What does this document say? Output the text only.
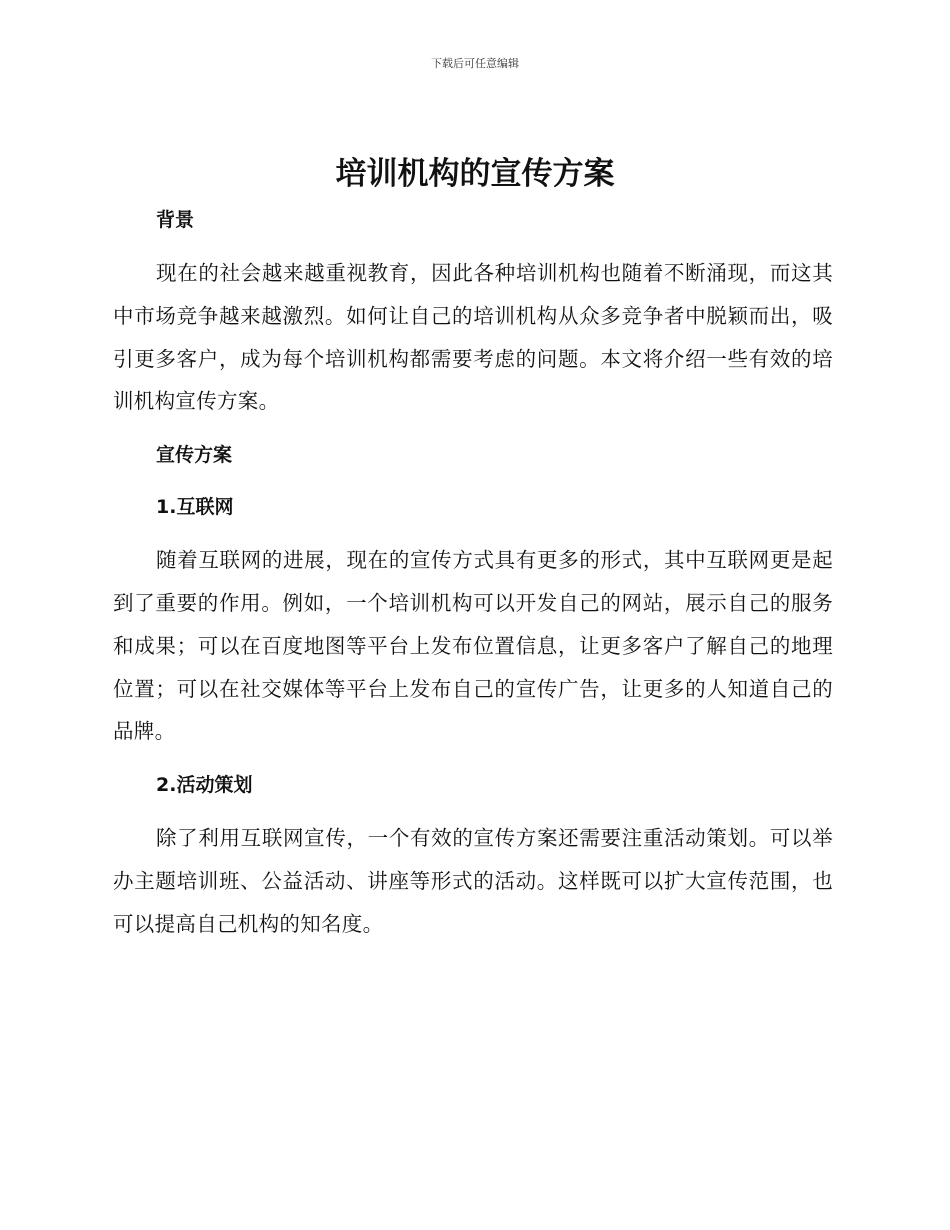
下载后可任意编辑
培训机构的宣传方案
背景

现在的社会越来越重视教育，因此各种培训机构也随着不断涌现，而这其中市场竞争越来越激烈。如何让自己的培训机构从众多竞争者中脱颖而出，吸引更多客户，成为每个培训机构都需要考虑的问题。本文将介绍一些有效的培训机构宣传方案。

宣传方案
1.互联网

随着互联网的进展，现在的宣传方式具有更多的形式，其中互联网更是起到了重要的作用。例如，一个培训机构可以开发自己的网站，展示自己的服务和成果；可以在百度地图等平台上发布位置信息，让更多客户了解自己的地理位置；可以在社交媒体等平台上发布自己的宣传广告，让更多的人知道自己的品牌。

2.活动策划

除了利用互联网宣传，一个有效的宣传方案还需要注重活动策划。可以举办主题培训班、公益活动、讲座等形式的活动。这样既可以扩大宣传范围，也可以提高自己机构的知名度。
